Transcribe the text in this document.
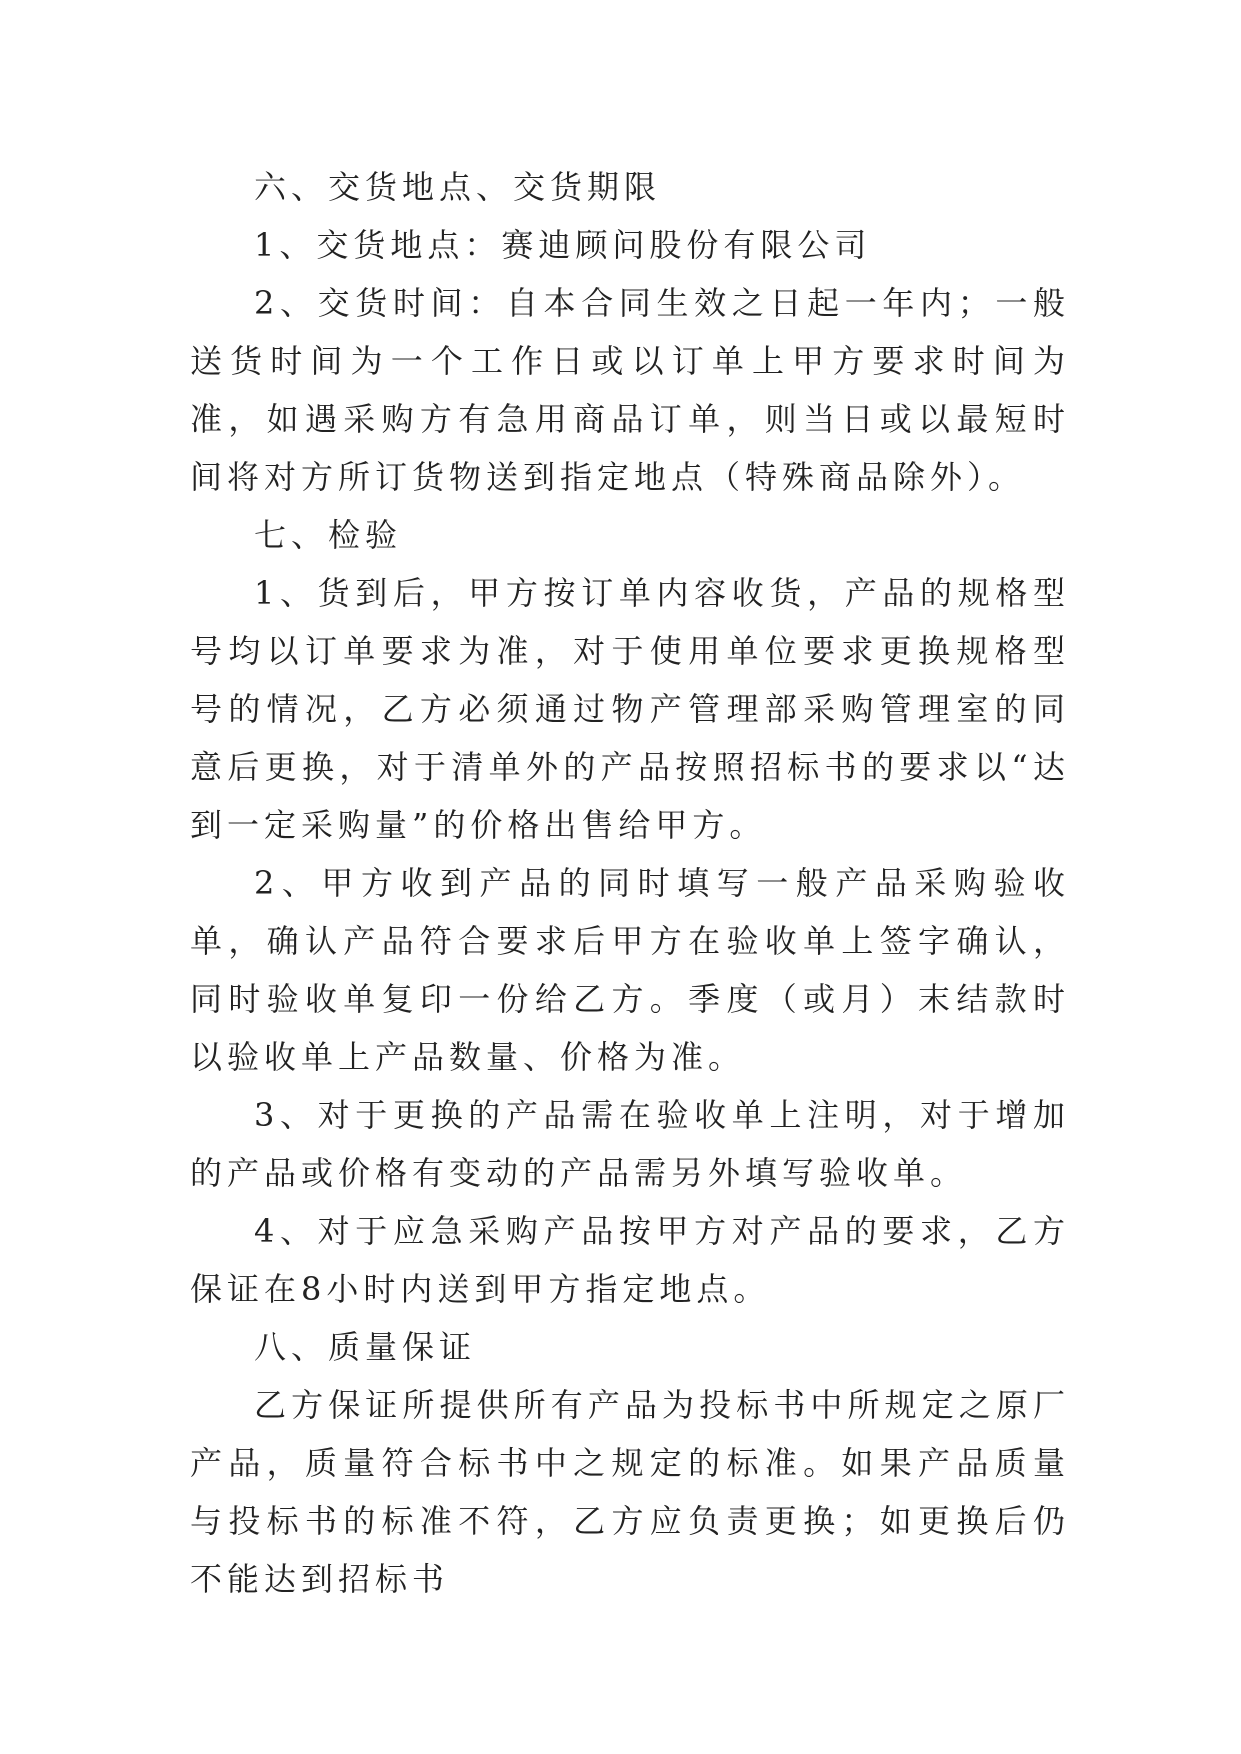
六、交货地点、交货期限

1、交货地点：赛迪顾问股份有限公司

2、交货时间：自本合同生效之日起一年内；一般送货时间为一个工作日或以订单上甲方要求时间为准，如遇采购方有急用商品订单，则当日或以最短时间将对方所订货物送到指定地点（特殊商品除外）。

七、检验

1、货到后，甲方按订单内容收货，产品的规格型号均以订单要求为准，对于使用单位要求更换规格型号的情况，乙方必须通过物产管理部采购管理室的同意后更换，对于清单外的产品按照招标书的要求以“达到一定采购量”的价格出售给甲方。

2、甲方收到产品的同时填写一般产品采购验收单，确认产品符合要求后甲方在验收单上签字确认，同时验收单复印一份给乙方。季度（或月）末结款时以验收单上产品数量、价格为准。

3、对于更换的产品需在验收单上注明，对于增加的产品或价格有变动的产品需另外填写验收单。

4、对于应急采购产品按甲方对产品的要求，乙方保证在8小时内送到甲方指定地点。

八、质量保证

乙方保证所提供所有产品为投标书中所规定之原厂产品，质量符合标书中之规定的标准。如果产品质量与投标书的标准不符，乙方应负责更换；如更换后仍不能达到招标书
